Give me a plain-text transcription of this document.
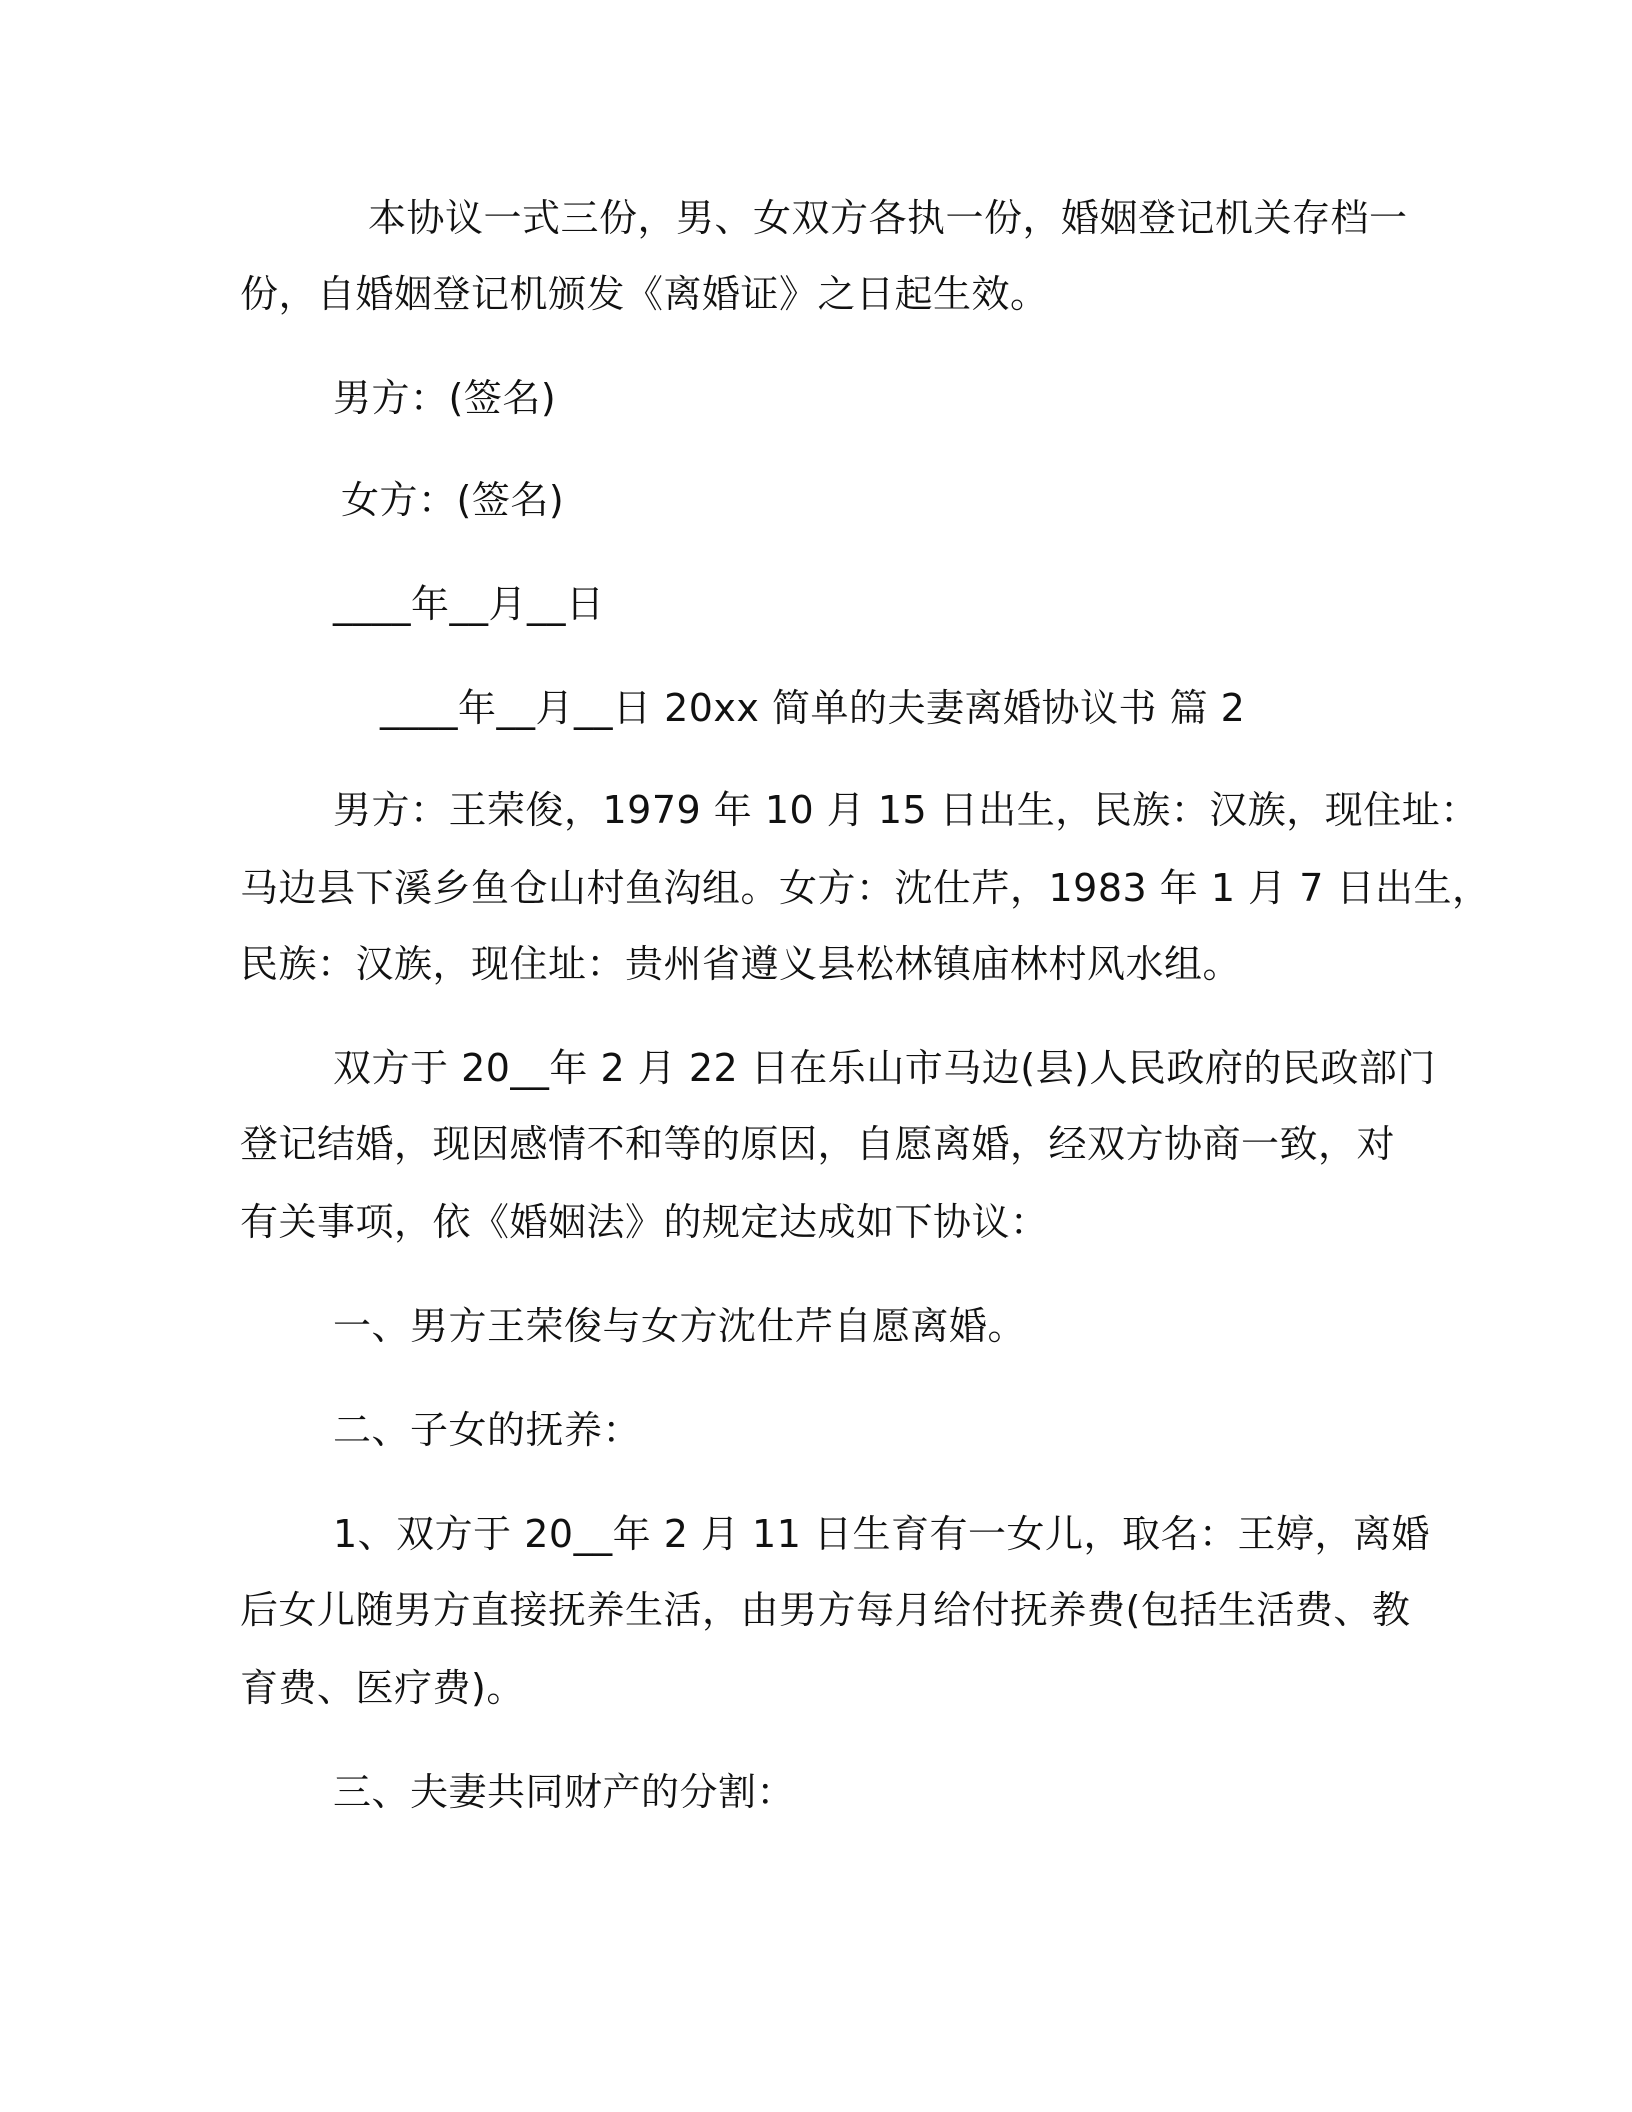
本协议一式三份，男、女双方各执一份，婚姻登记机关存档一

份，自婚姻登记机颁发《离婚证》之日起生效。

男方：(签名)

女方：(签名)

____年__月__日

____年__月__日 20xx 简单的夫妻离婚协议书 篇 2

男方：王荣俊，1979 年 10 月 15 日出生，民族：汉族，现住址：

马边县下溪乡鱼仓山村鱼沟组。女方：沈仕芹，1983 年 1 月 7 日出生，

民族：汉族，现住址：贵州省遵义县松林镇庙林村风水组。

双方于 20__年 2 月 22 日在乐山市马边(县)人民政府的民政部门

登记结婚，现因感情不和等的原因，自愿离婚，经双方协商一致，对

有关事项，依《婚姻法》的规定达成如下协议：

一、男方王荣俊与女方沈仕芹自愿离婚。

二、子女的抚养：

1、双方于 20__年 2 月 11 日生育有一女儿，取名：王婷，离婚

后女儿随男方直接抚养生活，由男方每月给付抚养费(包括生活费、教

育费、医疗费)。

三、夫妻共同财产的分割：
